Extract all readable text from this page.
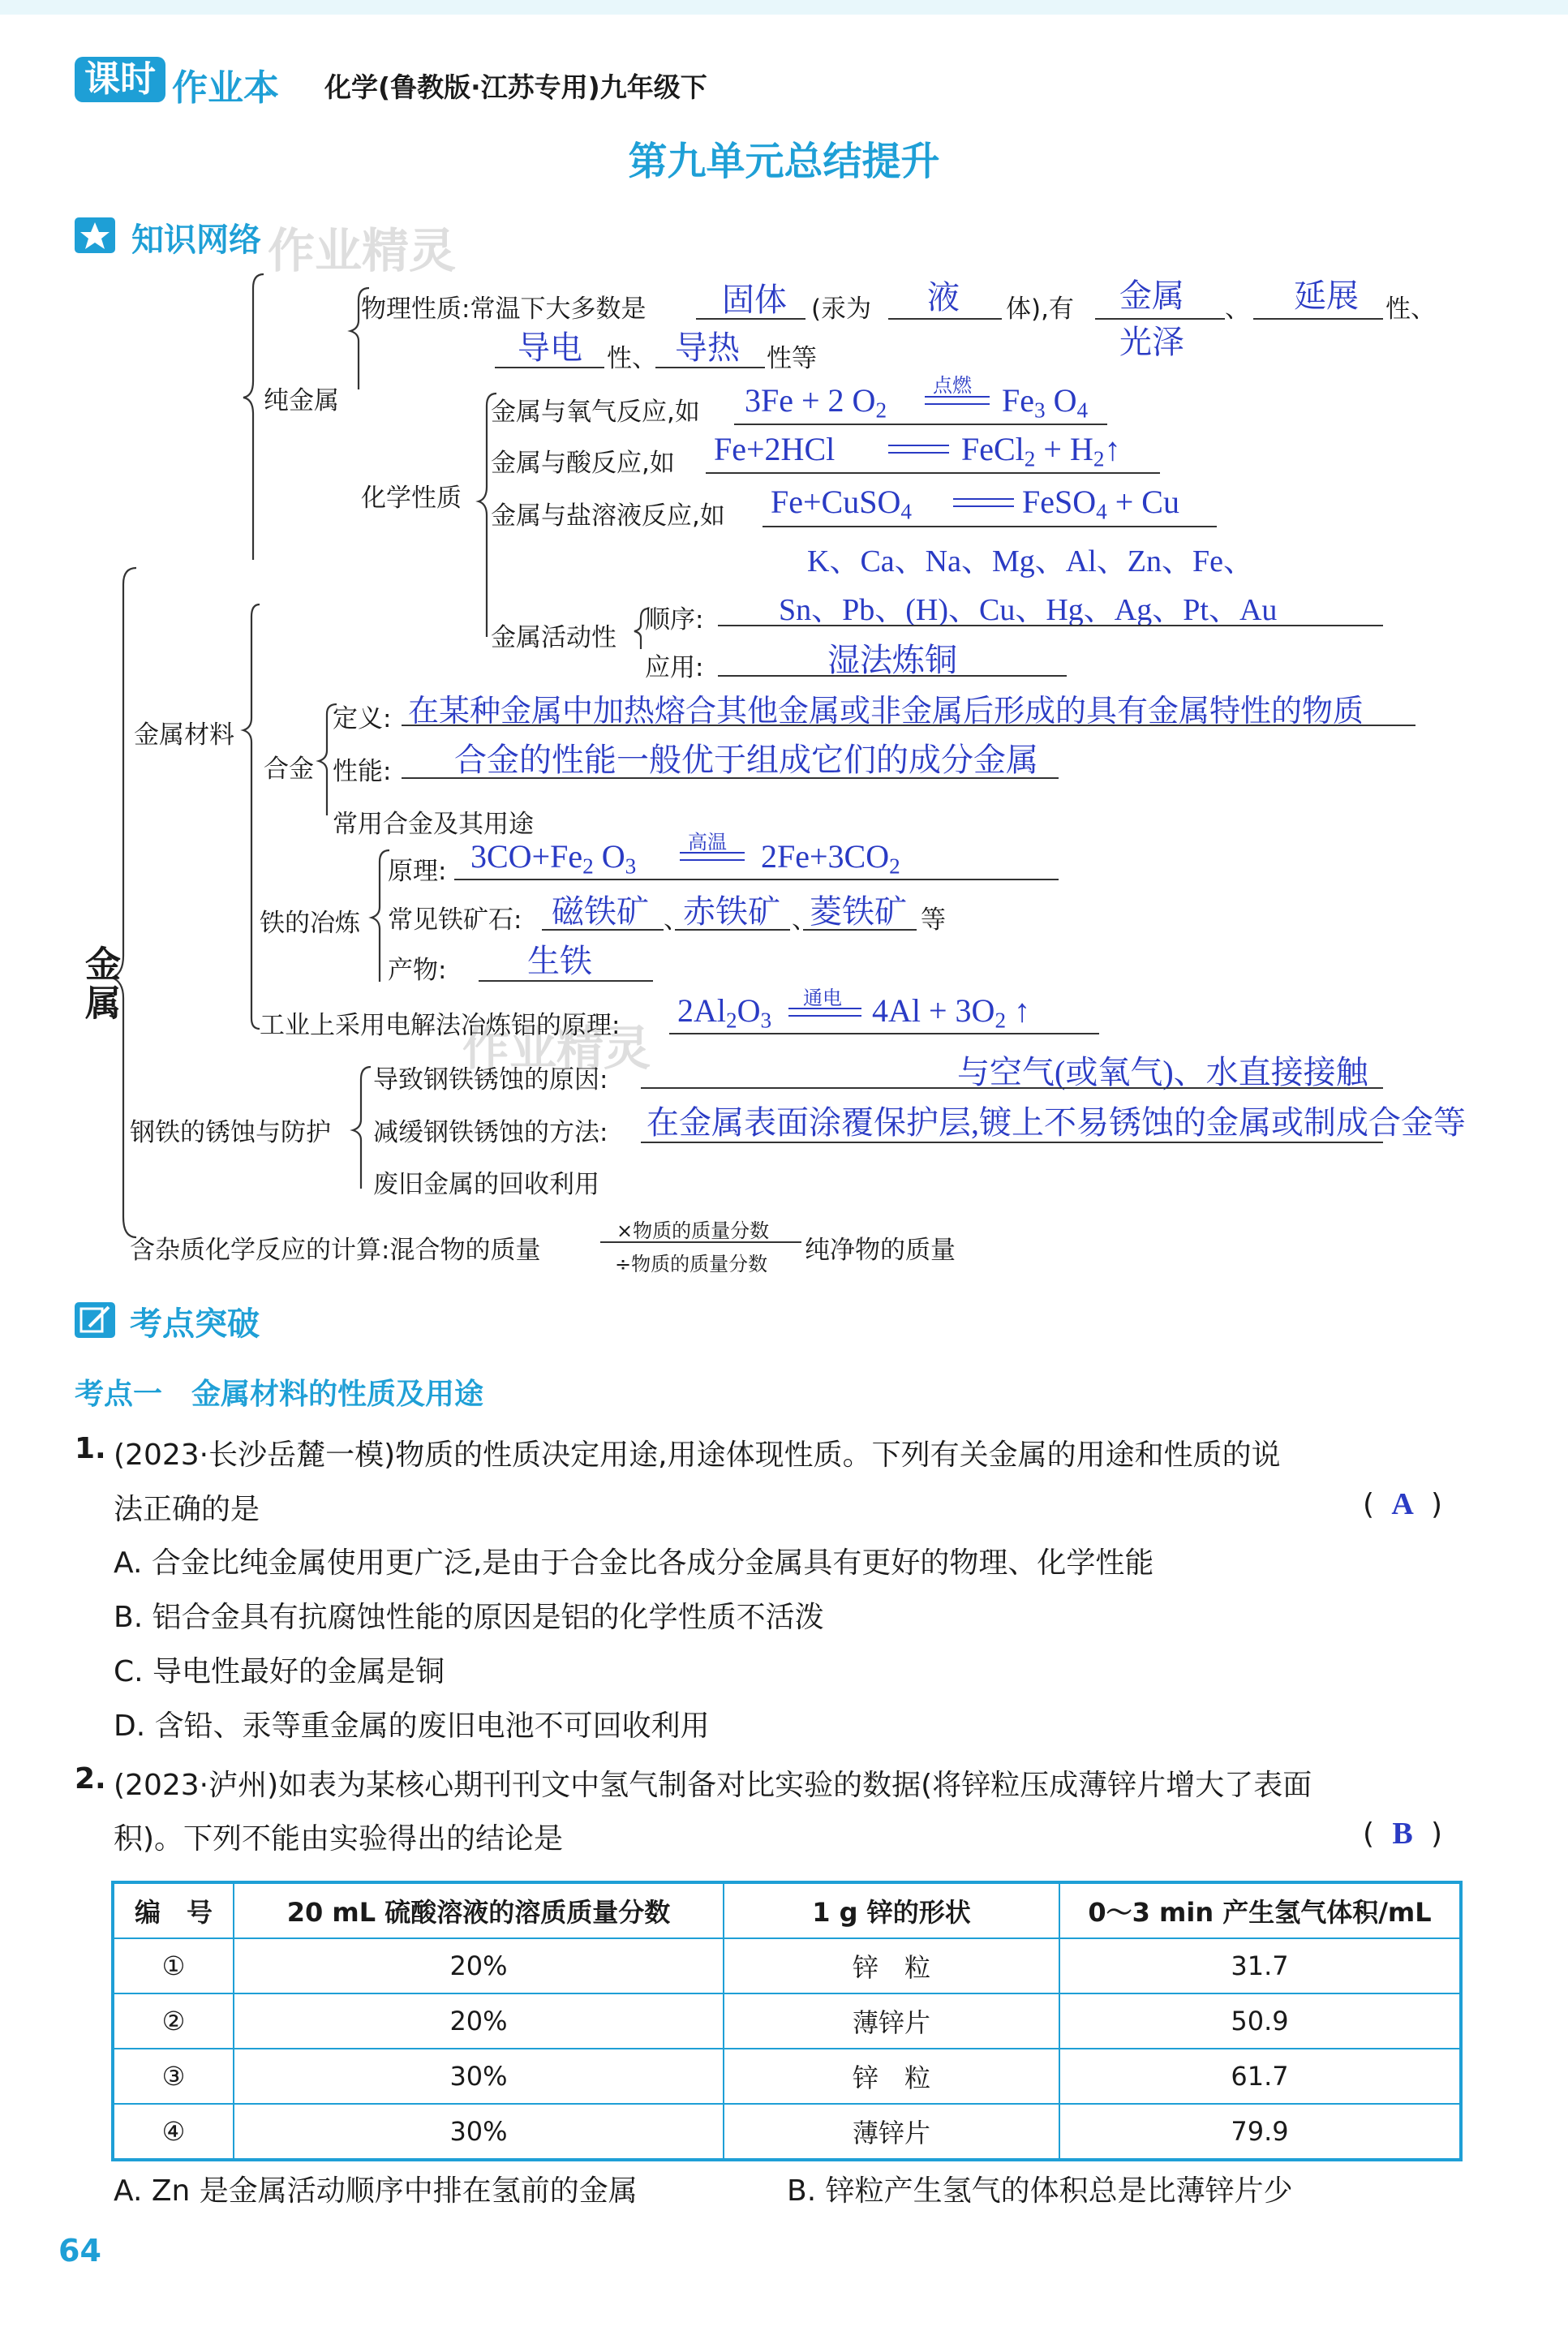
课时 作业本 化学(鲁教版·江苏专用)九年级下
第九单元总结提升
知识网络 作业精灵
作业精灵
金属
纯金属
物理性质:常温下大多数是 固体 (汞为 液 体),有 金属
光泽
、 延展 性、
导电 性、 导热 性等
化学性质
金属与氧气反应,如 3Fe + 2 $O_2$
点燃 $Fe_3$ $O_4$
金属与酸反应,如 Fe+2HCl	FeCl$_2$ + $H_2↑$
金属与盐溶液反应,如 Fe+CuSO$_4$	FeSO$_4$ + Cu
金属活动性
顺序:
K、Ca、Na、Mg、Al、Zn、Fe、
Sn、Pb、(H)、Cu、Hg、Ag、Pt、Au
应用:	湿法炼铜
金属材料
合金
定义: 在某种金属中加热熔合其他金属或非金属后形成的具有金属特性的物质
性能: 合金的性能一般优于组成它们的成分金属
常用合金及其用途
铁的冶炼
原理: $3CO+Fe_2$ $O_3$
高温 $2Fe+3CO_2$
常见铁矿石: 磁铁矿 、
赤铁矿 、
菱铁矿 等
产物: 生铁
工业上采用电解法冶炼铝的原理: $2Al_2O_3$
通电 $4Al + 3O_2$ ↑
钢铁的锈蚀与防护
导致钢铁锈蚀的原因:	与空气(或氧气)、水直接接触
减缓钢铁锈蚀的方法: 在金属表面涂覆保护层,镀上不易锈蚀的金属或制成合金等
废旧金属的回收利用
含杂质化学反应的计算:混合物的质量
×物质的质量分数
÷物质的质量分数 纯净物的质量
考点突破
考点一　金属材料的性质及用途
1. (2023·长沙岳麓一模)物质的性质决定用途,用途体现性质。下列有关金属的用途和性质的说
法正确的是	( A )
A. 合金比纯金属使用更广泛,是由于合金比各成分金属具有更好的物理、化学性能
B. 铝合金具有抗腐蚀性能的原因是铝的化学性质不活泼
C. 导电性最好的金属是铜
D. 含铅、汞等重金属的废旧电池不可回收利用
2. (2023·泸州)如表为某核心期刊刊文中氢气制备对比实验的数据(将锌粒压成薄锌片增大了表面
积)。下列不能由实验得出的结论是	( B )
编　号	20 mL 硫酸溶液的溶质质量分数	1 g 锌的形状	0～3 min 产生氢气体积/mL
①	20%	锌　粒	31.7
②	20%	薄锌片	50.9
③	30%	锌　粒	61.7
④	30%	薄锌片	79.9
A. Zn 是金属活动顺序中排在氢前的金属	B. 锌粒产生氢气的体积总是比薄锌片少
64
